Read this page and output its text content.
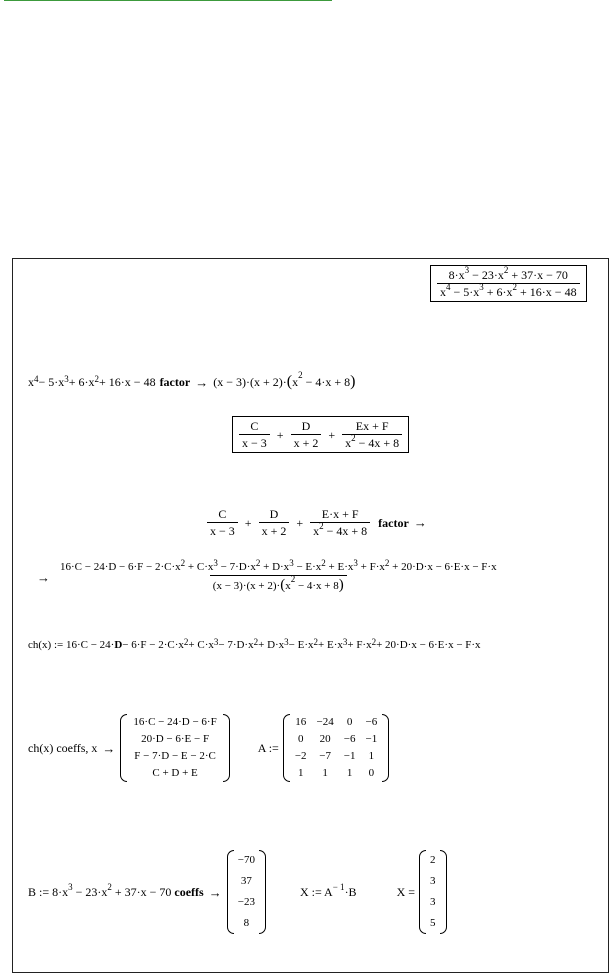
$\frac{8\cdot x^3 - 23\cdot x^2 + 37\cdot x - 70}{x^4 - 5\cdot x^3 + 6\cdot x^2 + 16\cdot x - 48}$
$x^4 - 5\cdot x^3 + 6\cdot x^2 + 16\cdot x - 48$ factor → $(x - 3)\cdot(x + 2)\cdot(x^2 - 4\cdot x + 8)$
$\frac{C}{x - 3} + \frac{D}{x + 2} + \frac{Ex + F}{x^2 - 4x + 8}$
$\frac{C}{x - 3} + \frac{D}{x + 2} + \frac{E\cdot x + F}{x^2 - 4x + 8}$ factor →
→
$16\cdot C - 24\cdot D - 6\cdot F - 2\cdot C\cdot x^2 + C\cdot x^3 - 7\cdot D\cdot x^2 + D\cdot x^3 - E\cdot x^2 + E\cdot x^3 + F\cdot x^2 + 20\cdot D\cdot x - 6\cdot E\cdot x - F\cdot x$
$(x - 3)\cdot(x + 2)\cdot(x^2 - 4\cdot x + 8)$
ch(x) := $16\cdot C - 24\cdot D - 6\cdot F - 2\cdot C\cdot x^2 + C\cdot x^3 - 7\cdot D\cdot x^2 + D\cdot x^3 - E\cdot x^2 + E\cdot x^3 + F\cdot x^2 + 20\cdot D\cdot x - 6\cdot E\cdot x - F\cdot x$
ch(x) coeffs, x →
16·C − 24·D − 6·F
20·D − 6·E − F
F − 7·D − E − 2·C
C + D + E
A :=
16	−24	0	−6
0	20	−6	−1
−2	−7	−1	1
1	1	1	0
B := $8\cdot x^3 - 23\cdot x^2 + 37\cdot x - 70$ coeffs →
−70
37
−23
8
X := $A^{- 1}\cdot B$	X =
2
3
3
5
